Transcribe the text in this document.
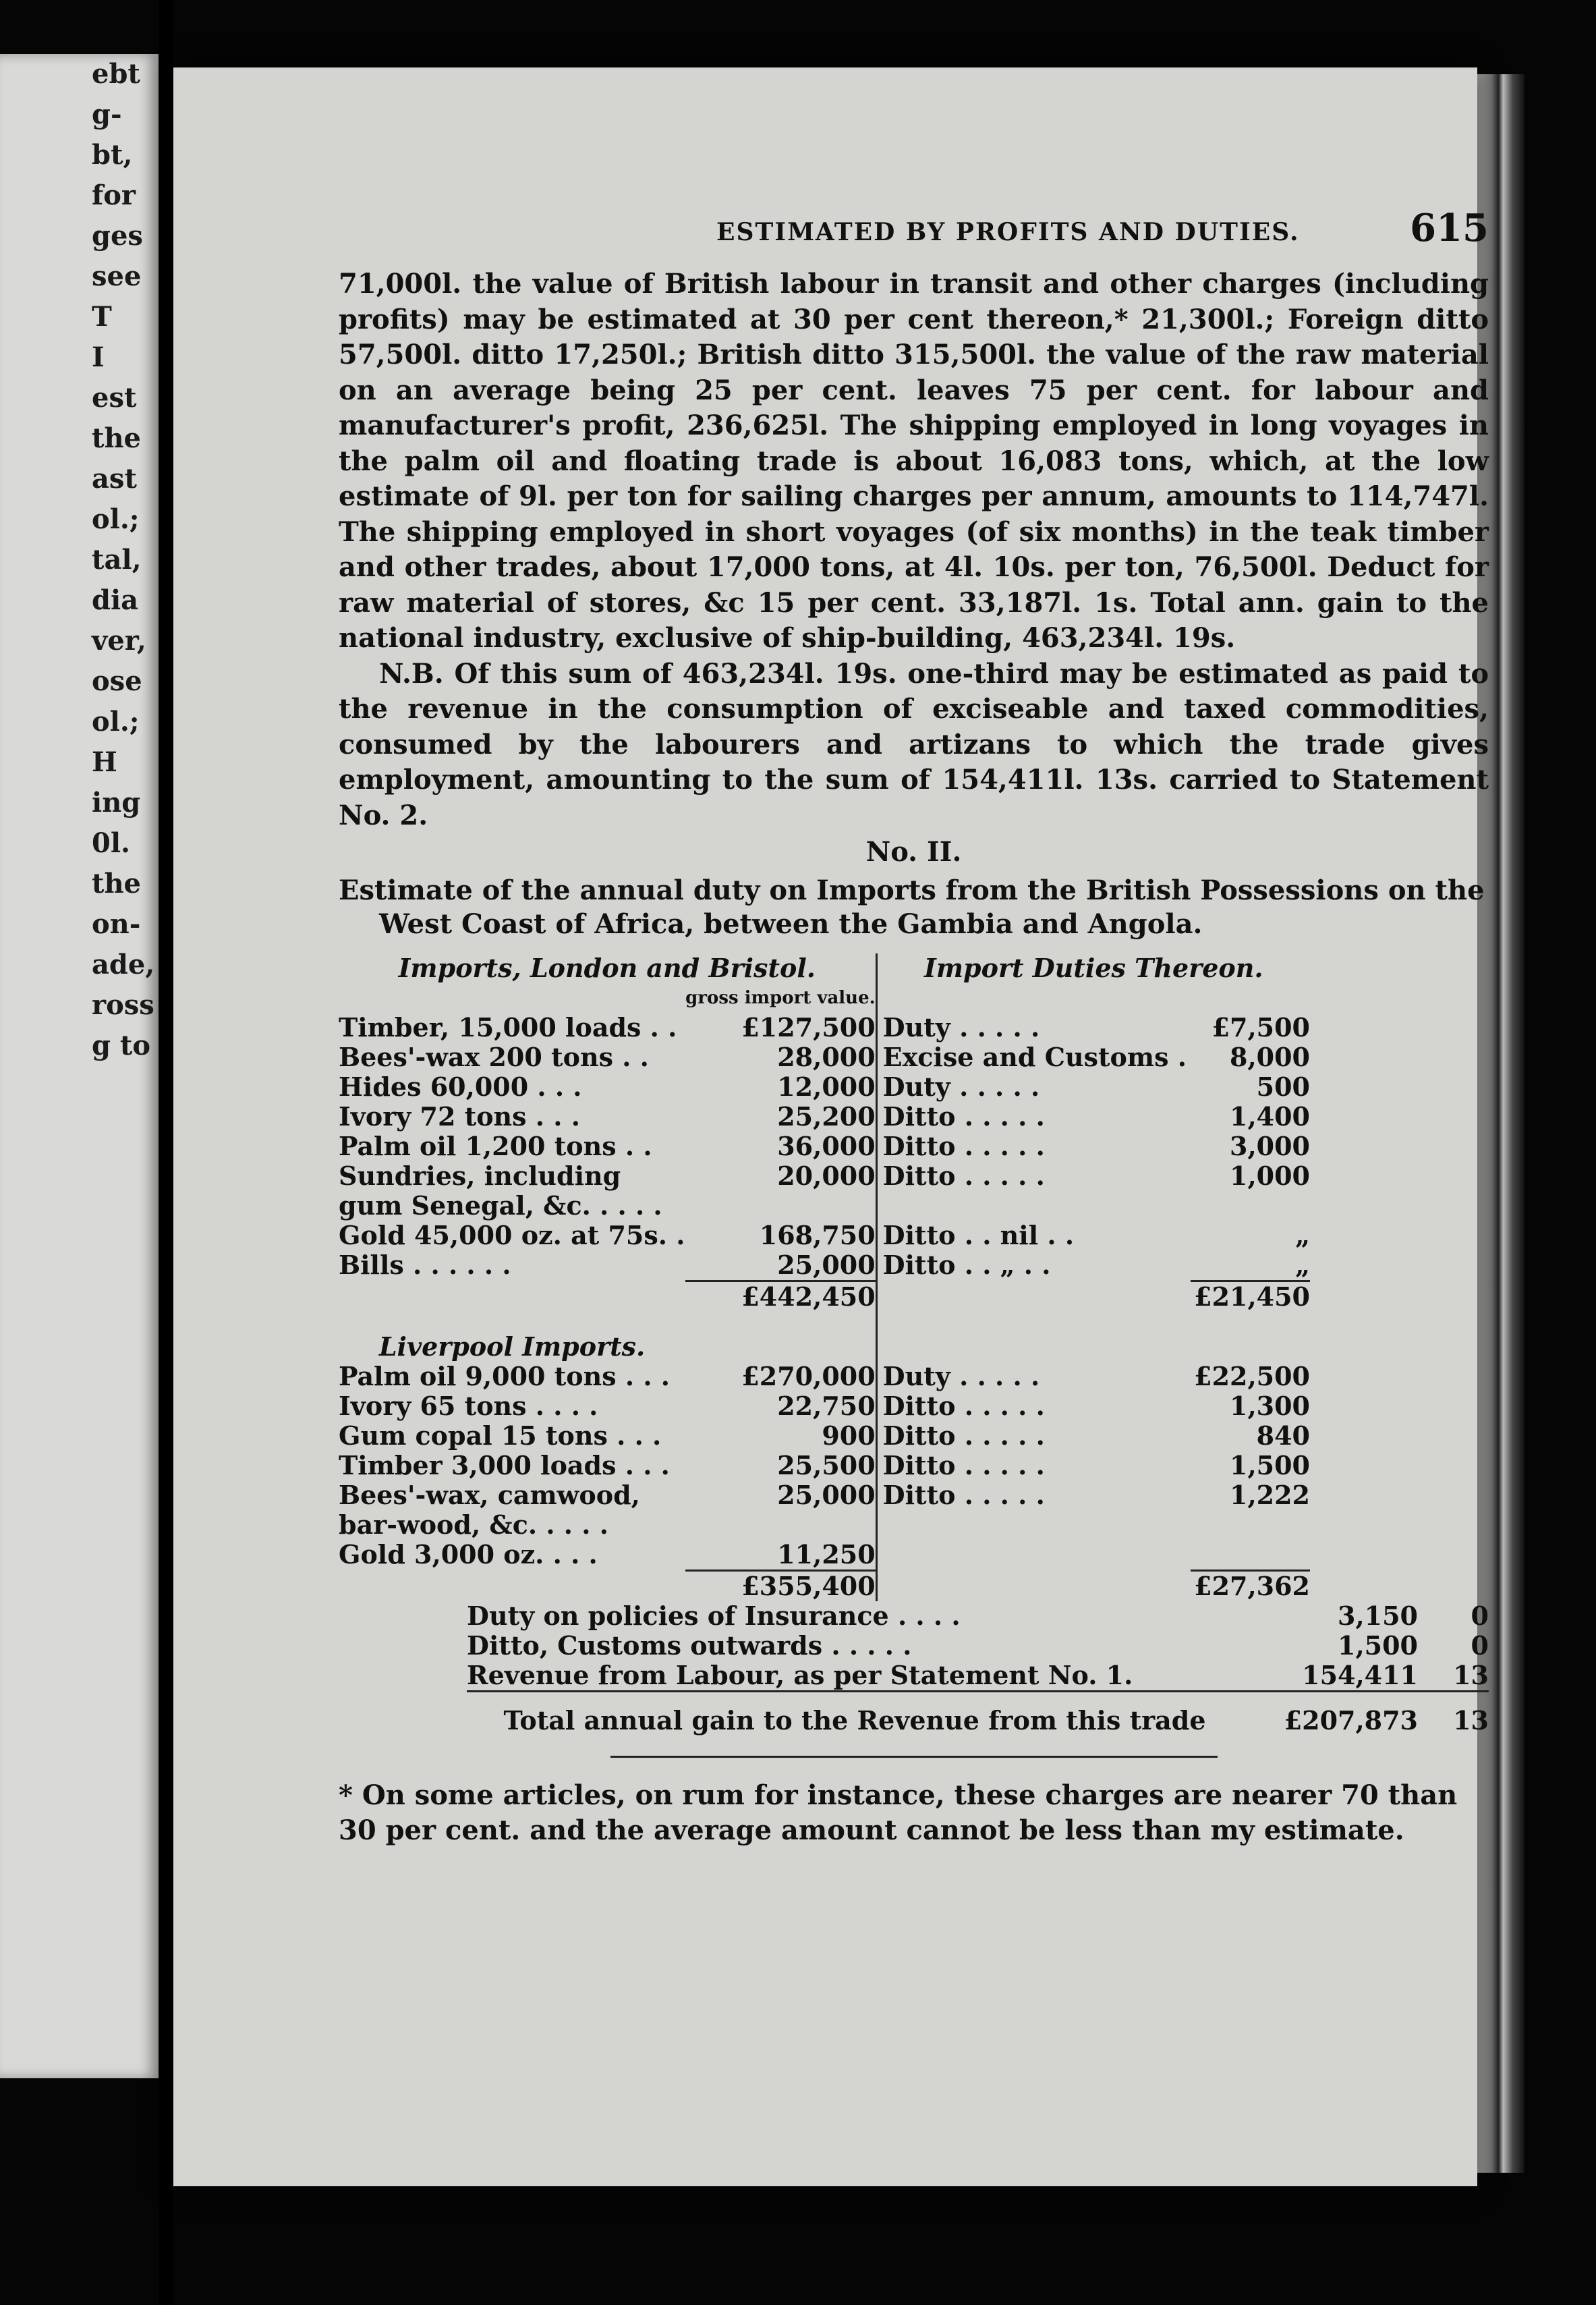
ebt
g-
bt,
for
ges
see
T
I
est
the
ast
ol.;
tal,
dia
ver,
ose
ol.;
H
ing
0l.
the
on-
ade,
ross
g to
ESTIMATED BY PROFITS AND DUTIES.	615

71,000l. the value of British labour in transit and other charges (including profits) may be estimated at 30 per cent thereon,* 21,300l.; Foreign ditto 57,500l. ditto 17,250l.; British ditto 315,500l. the value of the raw material on an average being 25 per cent. leaves 75 per cent. for labour and manufacturer's profit, 236,625l. The shipping employed in long voyages in the palm oil and floating trade is about 16,083 tons, which, at the low estimate of 9l. per ton for sailing charges per annum, amounts to 114,747l. The shipping employed in short voyages (of six months) in the teak timber and other trades, about 17,000 tons, at 4l. 10s. per ton, 76,500l. Deduct for raw material of stores, &c 15 per cent. 33,187l. 1s. Total ann. gain to the national industry, exclusive of ship-building, 463,234l. 19s.

N.B. Of this sum of 463,234l. 19s. one-third may be estimated as paid to the revenue in the consumption of exciseable and taxed commodities, consumed by the labourers and artizans to which the trade gives employment, amounting to the sum of 154,411l. 13s. carried to Statement No. 2.

No. II.
Estimate of the annual duty on Imports from the British Possessions on the West Coast of Africa, between the Gambia and Angola.
Imports, London and Bristol.		Import Duties Thereon.	
	gross import value.		
Timber, 15,000 loads . .	£127,500	Duty . . . . .	£7,500
Bees'-wax 200 tons . .	28,000	Excise and Customs .	8,000
Hides 60,000 . . .	12,000	Duty . . . . .	500
Ivory 72 tons . . .	25,200	Ditto . . . . .	1,400
Palm oil 1,200 tons . .	36,000	Ditto . . . . .	3,000
Sundries, including gum Senegal, &c. . . . .	20,000	Ditto . . . . .	1,000
Gold 45,000 oz. at 75s. .	168,750	Ditto . . nil . .	„
Bills . . . . . .	25,000	Ditto . . „ . .	„
	£442,450		£21,450
Liverpool Imports.			
Palm oil 9,000 tons . . .	£270,000	Duty . . . . .	£22,500
Ivory 65 tons . . . .	22,750	Ditto . . . . .	1,300
Gum copal 15 tons . . .	900	Ditto . . . . .	840
Timber 3,000 loads . . .	25,500	Ditto . . . . .	1,500
Bees'-wax, camwood, bar-wood, &c. . . . .	25,000	Ditto . . . . .	1,222
Gold 3,000 oz. . . .	11,250		
	£355,400		£27,362
	Duty on policies of Insurance . . . .	3,150	0
	Ditto, Customs outwards . . . . .	1,500	0
	Revenue from Labour, as per Statement No. 1.	154,411	13
	Total annual gain to the Revenue from this trade	£207,873	13

* On some articles, on rum for instance, these charges are nearer 70 than 30 per cent. and the average amount cannot be less than my estimate.
